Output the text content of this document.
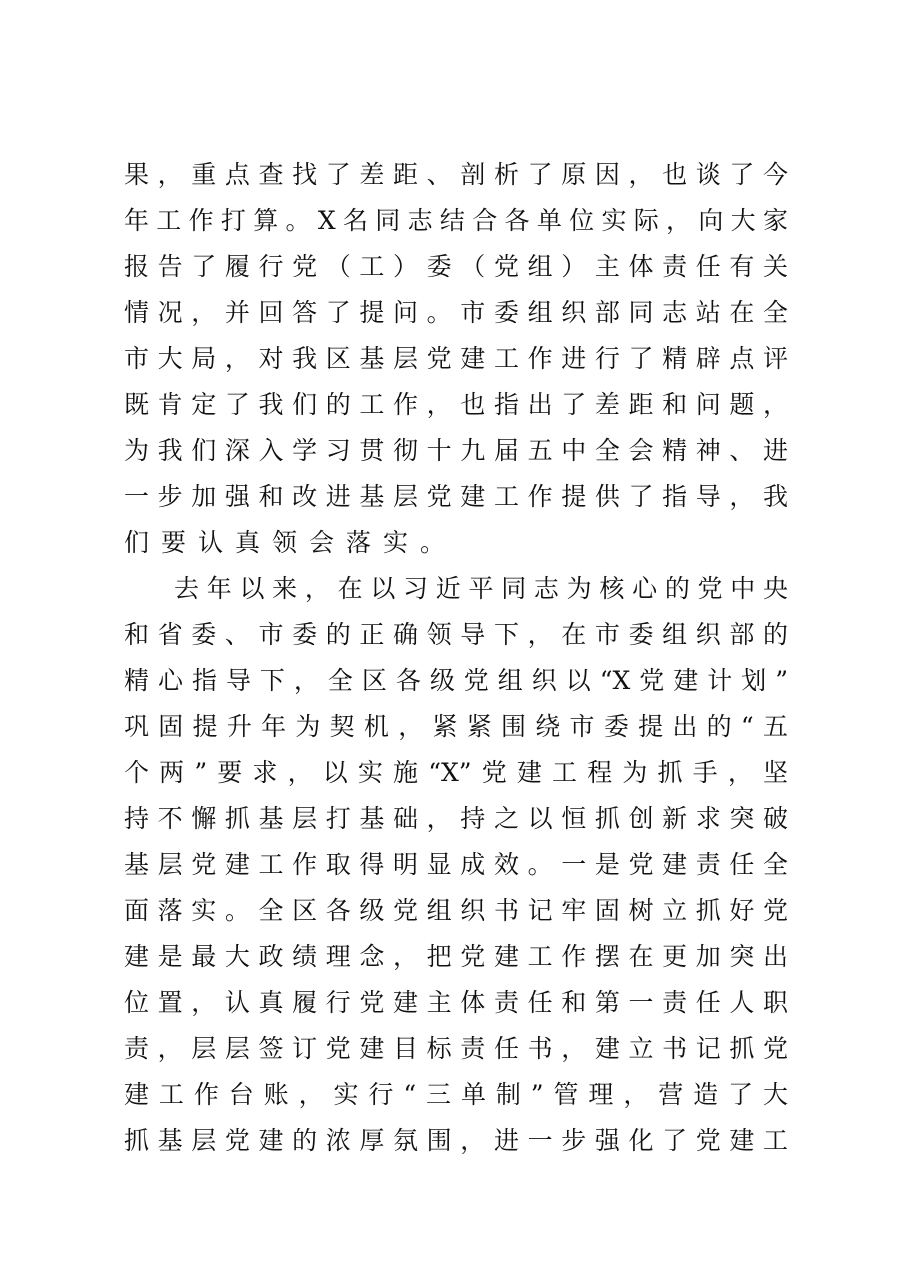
果，重点查找了差距、剖析了原因，也谈了今
年工作打算。X名同志结合各单位实际，向大家
报告了履行党（工）委（党组）主体责任有关
情况，并回答了提问。市委组织部同志站在全
市大局，对我区基层党建工作进行了精辟点评
既肯定了我们的工作，也指出了差距和问题，
为我们深入学习贯彻十九届五中全会精神、进
一步加强和改进基层党建工作提供了指导，我
们要认真领会落实。
去年以来，在以习近平同志为核心的党中央
和省委、市委的正确领导下，在市委组织部的
精心指导下，全区各级党组织以“X党建计划”
巩固提升年为契机，紧紧围绕市委提出的“五
个两”要求，以实施“X”党建工程为抓手，坚
持不懈抓基层打基础，持之以恒抓创新求突破
基层党建工作取得明显成效。一是党建责任全
面落实。全区各级党组织书记牢固树立抓好党
建是最大政绩理念，把党建工作摆在更加突出
位置，认真履行党建主体责任和第一责任人职
责，层层签订党建目标责任书，建立书记抓党
建工作台账，实行“三单制”管理，营造了大
抓基层党建的浓厚氛围，进一步强化了党建工
